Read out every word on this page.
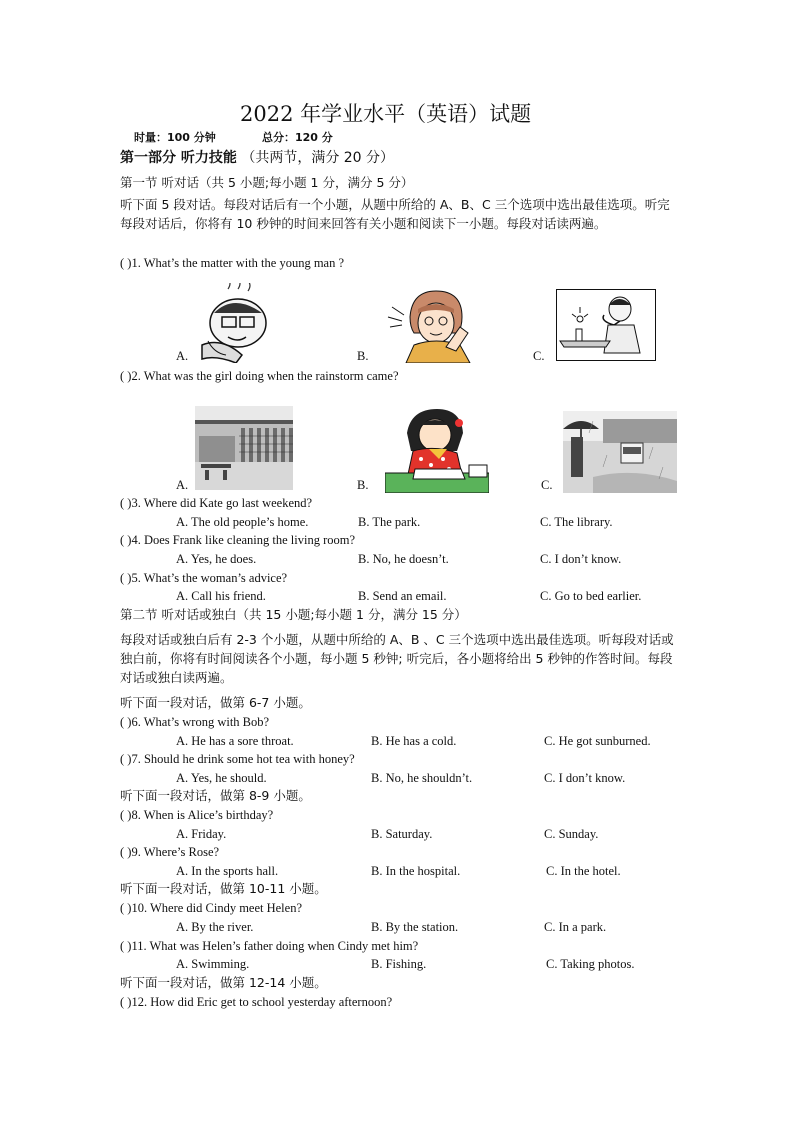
2022 年学业水平（英语）试题
时量：100 分钟	总分：120 分
第一部分 听力技能 （共两节，满分 20 分）
第一节 听对话（共 5 小题;每小题 1 分，满分 5 分）
听下面 5 段对话。每段对话后有一个小题，从题中所给的 A、B、C 三个选项中选出最佳选项。听完每段对话后，你将有 10 秒钟的时间来回答有关小题和阅读下一小题。每段对话读两遍。
( )1. What’s the matter with the young man ?
A.	B.	C.
( )2. What was the girl doing when the rainstorm came?
A.	B.	C.
( )3. Where did Kate go last weekend?
A. The old people’s home.	B. The park.	C. The library.
( )4. Does Frank like cleaning the living room?
A. Yes, he does.	B. No, he doesn’t.	C. I don’t know.
( )5. What’s the woman’s advice?
A. Call his friend.	B. Send an email.	C. Go to bed earlier.
第二节 听对话或独白（共 15 小题;每小题 1 分，满分 15 分）
每段对话或独白后有 2-3 个小题，从题中所给的 A、B 、C 三个选项中选出最佳选项。听每段对话或独白前，你将有时间阅读各个小题，每小题 5 秒钟; 听完后，各小题将给出 5 秒钟的作答时间。每段对话或独白读两遍。
听下面一段对话，做第 6-7 小题。
( )6. What’s wrong with Bob?
A. He has a sore throat.	B. He has a cold.	C. He got sunburned.
( )7. Should he drink some hot tea with honey?
A. Yes, he should.	B. No, he shouldn’t.	C. I don’t know.
听下面一段对话，做第 8-9 小题。
( )8. When is Alice’s birthday?
A. Friday.	B. Saturday.	C. Sunday.
( )9. Where’s Rose?
A. In the sports hall.	B. In the hospital.	C. In the hotel.
听下面一段对话，做第 10-11 小题。
( )10. Where did Cindy meet Helen?
A. By the river.	B. By the station.	C. In a park.
( )11. What was Helen’s father doing when Cindy met him?
A. Swimming.	B. Fishing.	C. Taking photos.
听下面一段对话，做第 12-14 小题。
( )12. How did Eric get to school yesterday afternoon?
